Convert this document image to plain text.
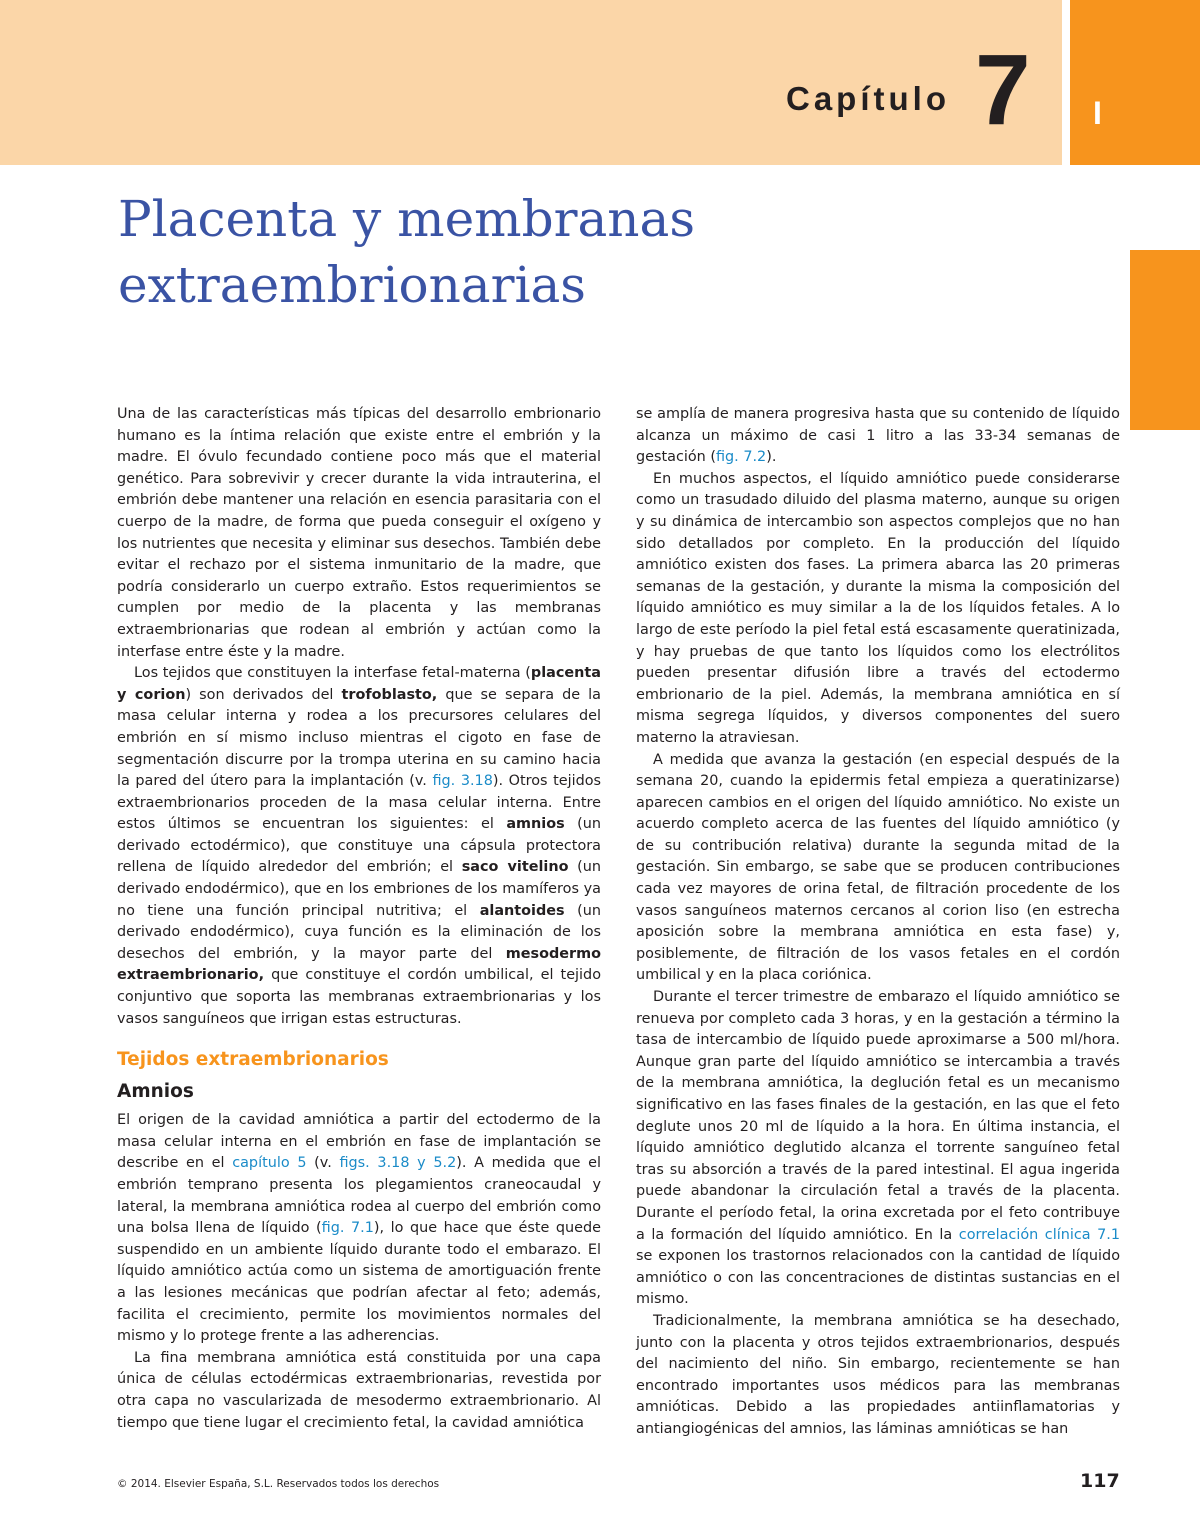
Capítulo 7 I
Placenta y membranas
extraembrionarias

Una de las características más típicas del desarrollo embrionario humano es la íntima relación que existe entre el embrión y la madre. El óvulo fecundado contiene poco más que el material genético. Para sobrevivir y crecer durante la vida intrauterina, el embrión debe mantener una relación en esencia parasitaria con el cuerpo de la madre, de forma que pueda conseguir el oxígeno y los nutrientes que necesita y eliminar sus desechos. También debe evitar el rechazo por el sistema inmunitario de la madre, que podría considerarlo un cuerpo extraño. Estos requerimientos se cumplen por medio de la placenta y las membranas extraembrionarias que rodean al embrión y actúan como la interfase entre éste y la madre.

Los tejidos que constituyen la interfase fetal-materna (placenta y corion) son derivados del trofoblasto, que se separa de la masa celular interna y rodea a los precursores celulares del embrión en sí mismo incluso mientras el cigoto en fase de segmentación discurre por la trompa uterina en su camino hacia la pared del útero para la implantación (v. fig. 3.18). Otros tejidos extraembrionarios proceden de la masa celular interna. Entre estos últimos se encuentran los siguientes: el amnios (un derivado ectodérmico), que constituye una cápsula protectora rellena de líquido alrededor del embrión; el saco vitelino (un derivado endodérmico), que en los embriones de los mamíferos ya no tiene una función principal nutritiva; el alantoides (un derivado endodérmico), cuya función es la eliminación de los desechos del embrión, y la mayor parte del mesodermo extraembrionario, que constituye el cordón umbilical, el tejido conjuntivo que soporta las membranas extraembrionarias y los vasos sanguíneos que irrigan estas estructuras.

Tejidos extraembrionarios
Amnios

El origen de la cavidad amniótica a partir del ectodermo de la masa celular interna en el embrión en fase de implantación se describe en el capítulo 5 (v. figs. 3.18 y 5.2). A medida que el embrión temprano presenta los plegamientos craneocaudal y lateral, la membrana amniótica rodea al cuerpo del embrión como una bolsa llena de líquido (fig. 7.1), lo que hace que éste quede suspendido en un ambiente líquido durante todo el embarazo. El líquido amniótico actúa como un sistema de amortiguación frente a las lesiones mecánicas que podrían afectar al feto; además, facilita el crecimiento, permite los movimientos normales del mismo y lo protege frente a las adherencias.

La fina membrana amniótica está constituida por una capa única de células ectodérmicas extraembrionarias, revestida por otra capa no vascularizada de mesodermo extraembrionario. Al tiempo que tiene lugar el crecimiento fetal, la cavidad amniótica

se amplía de manera progresiva hasta que su contenido de líquido alcanza un máximo de casi 1 litro a las 33-34 semanas de gestación (fig. 7.2).

En muchos aspectos, el líquido amniótico puede considerarse como un trasudado diluido del plasma materno, aunque su origen y su dinámica de intercambio son aspectos complejos que no han sido detallados por completo. En la producción del líquido amniótico existen dos fases. La primera abarca las 20 primeras semanas de la gestación, y durante la misma la composición del líquido amniótico es muy similar a la de los líquidos fetales. A lo largo de este período la piel fetal está escasamente queratinizada, y hay pruebas de que tanto los líquidos como los electrólitos pueden presentar difusión libre a través del ectodermo embrionario de la piel. Además, la membrana amniótica en sí misma segrega líquidos, y diversos componentes del suero materno la atraviesan.

A medida que avanza la gestación (en especial después de la semana 20, cuando la epidermis fetal empieza a queratinizarse) aparecen cambios en el origen del líquido amniótico. No existe un acuerdo completo acerca de las fuentes del líquido amniótico (y de su contribución relativa) durante la segunda mitad de la gestación. Sin embargo, se sabe que se producen contribuciones cada vez mayores de orina fetal, de filtración procedente de los vasos sanguíneos maternos cercanos al corion liso (en estrecha aposición sobre la membrana amniótica en esta fase) y, posiblemente, de filtración de los vasos fetales en el cordón umbilical y en la placa coriónica.

Durante el tercer trimestre de embarazo el líquido amniótico se renueva por completo cada 3 horas, y en la gestación a término la tasa de intercambio de líquido puede aproximarse a 500 ml/hora. Aunque gran parte del líquido amniótico se intercambia a través de la membrana amniótica, la deglución fetal es un mecanismo significativo en las fases finales de la gestación, en las que el feto deglute unos 20 ml de líquido a la hora. En última instancia, el líquido amniótico deglutido alcanza el torrente sanguíneo fetal tras su absorción a través de la pared intestinal. El agua ingerida puede abandonar la circulación fetal a través de la placenta. Durante el período fetal, la orina excretada por el feto contribuye a la formación del líquido amniótico. En la correlación clínica 7.1 se exponen los trastornos relacionados con la cantidad de líquido amniótico o con las concentraciones de distintas sustancias en el mismo.

Tradicionalmente, la membrana amniótica se ha desechado, junto con la placenta y otros tejidos extraembrionarios, después del nacimiento del niño. Sin embargo, recientemente se han encontrado importantes usos médicos para las membranas amnióticas. Debido a las propiedades antiinflamatorias y antiangiogénicas del amnios, las láminas amnióticas se han

© 2014. Elsevier España, S.L. Reservados todos los derechos	117
